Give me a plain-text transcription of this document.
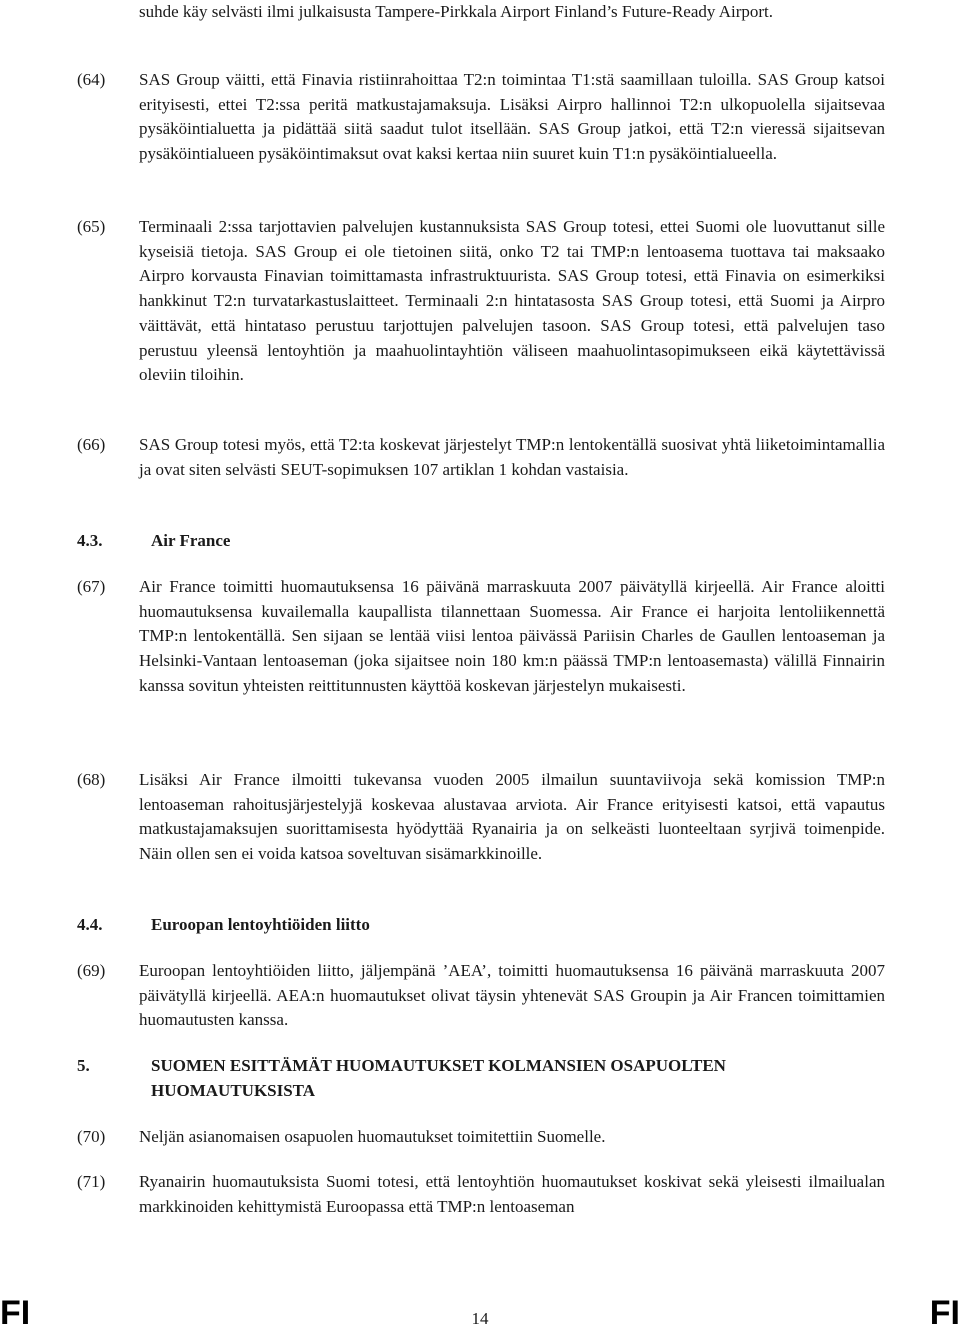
suhde käy selvästi ilmi julkaisusta Tampere-Pirkkala Airport Finland’s Future-Ready Airport.
(64) SAS Group väitti, että Finavia ristiinrahoittaa T2:n toimintaa T1:stä saamillaan tuloilla. SAS Group katsoi erityisesti, ettei T2:ssa peritä matkustajamaksuja. Lisäksi Airpro hallinnoi T2:n ulkopuolella sijaitsevaa pysäköintialuetta ja pidättää siitä saadut tulot itsellään. SAS Group jatkoi, että T2:n vieressä sijaitsevan pysäköintialueen pysäköintimaksut ovat kaksi kertaa niin suuret kuin T1:n pysäköintialueella.
(65) Terminaali 2:ssa tarjottavien palvelujen kustannuksista SAS Group totesi, ettei Suomi ole luovuttanut sille kyseisiä tietoja. SAS Group ei ole tietoinen siitä, onko T2 tai TMP:n lentoasema tuottava tai maksaako Airpro korvausta Finavian toimittamasta infrastruktuurista. SAS Group totesi, että Finavia on esimerkiksi hankkinut T2:n turvatarkastuslaitteet. Terminaali 2:n hintatasosta SAS Group totesi, että Suomi ja Airpro väittävät, että hintataso perustuu tarjottujen palvelujen tasoon. SAS Group totesi, että palvelujen taso perustuu yleensä lentoyhtiön ja maahuolintayhtiön väliseen maahuolintasopimukseen eikä käytettävissä oleviin tiloihin.
(66) SAS Group totesi myös, että T2:ta koskevat järjestelyt TMP:n lentokentällä suosivat yhtä liiketoimintamallia ja ovat siten selvästi SEUT-sopimuksen 107 artiklan 1 kohdan vastaisia.
4.3.	Air France
(67) Air France toimitti huomautuksensa 16 päivänä marraskuuta 2007 päivätyllä kirjeellä. Air France aloitti huomautuksensa kuvailemalla kaupallista tilannettaan Suomessa. Air France ei harjoita lentoliikennettä TMP:n lentokentällä. Sen sijaan se lentää viisi lentoa päivässä Pariisin Charles de Gaullen lentoaseman ja Helsinki-Vantaan lentoaseman (joka sijaitsee noin 180 km:n päässä TMP:n lentoasemasta) välillä Finnairin kanssa sovitun yhteisten reittitunnusten käyttöä koskevan järjestelyn mukaisesti.
(68) Lisäksi Air France ilmoitti tukevansa vuoden 2005 ilmailun suuntaviivoja sekä komission TMP:n lentoaseman rahoitusjärjestelyjä koskevaa alustavaa arviota. Air France erityisesti katsoi, että vapautus matkustajamaksujen suorittamisesta hyödyttää Ryanairia ja on selkeästi luonteeltaan syrjivä toimenpide. Näin ollen sen ei voida katsoa soveltuvan sisämarkkinoille.
4.4.	Euroopan lentoyhtiöiden liitto
(69) Euroopan lentoyhtiöiden liitto, jäljempänä ’AEA’, toimitti huomautuksensa 16 päivänä marraskuuta 2007 päivätyllä kirjeellä. AEA:n huomautukset olivat täysin yhtenevät SAS Groupin ja Air Francen toimittamien huomautusten kanssa.
5.	SUOMEN ESITTÄMÄT HUOMAUTUKSET KOLMANSIEN OSAPUOLTEN HUOMAUTUKSISTA
(70) Neljän asianomaisen osapuolen huomautukset toimitettiin Suomelle.
(71) Ryanairin huomautuksista Suomi totesi, että lentoyhtiön huomautukset koskivat sekä yleisesti ilmailualan markkinoiden kehittymistä Euroopassa että TMP:n lentoaseman
FI	14	FI
